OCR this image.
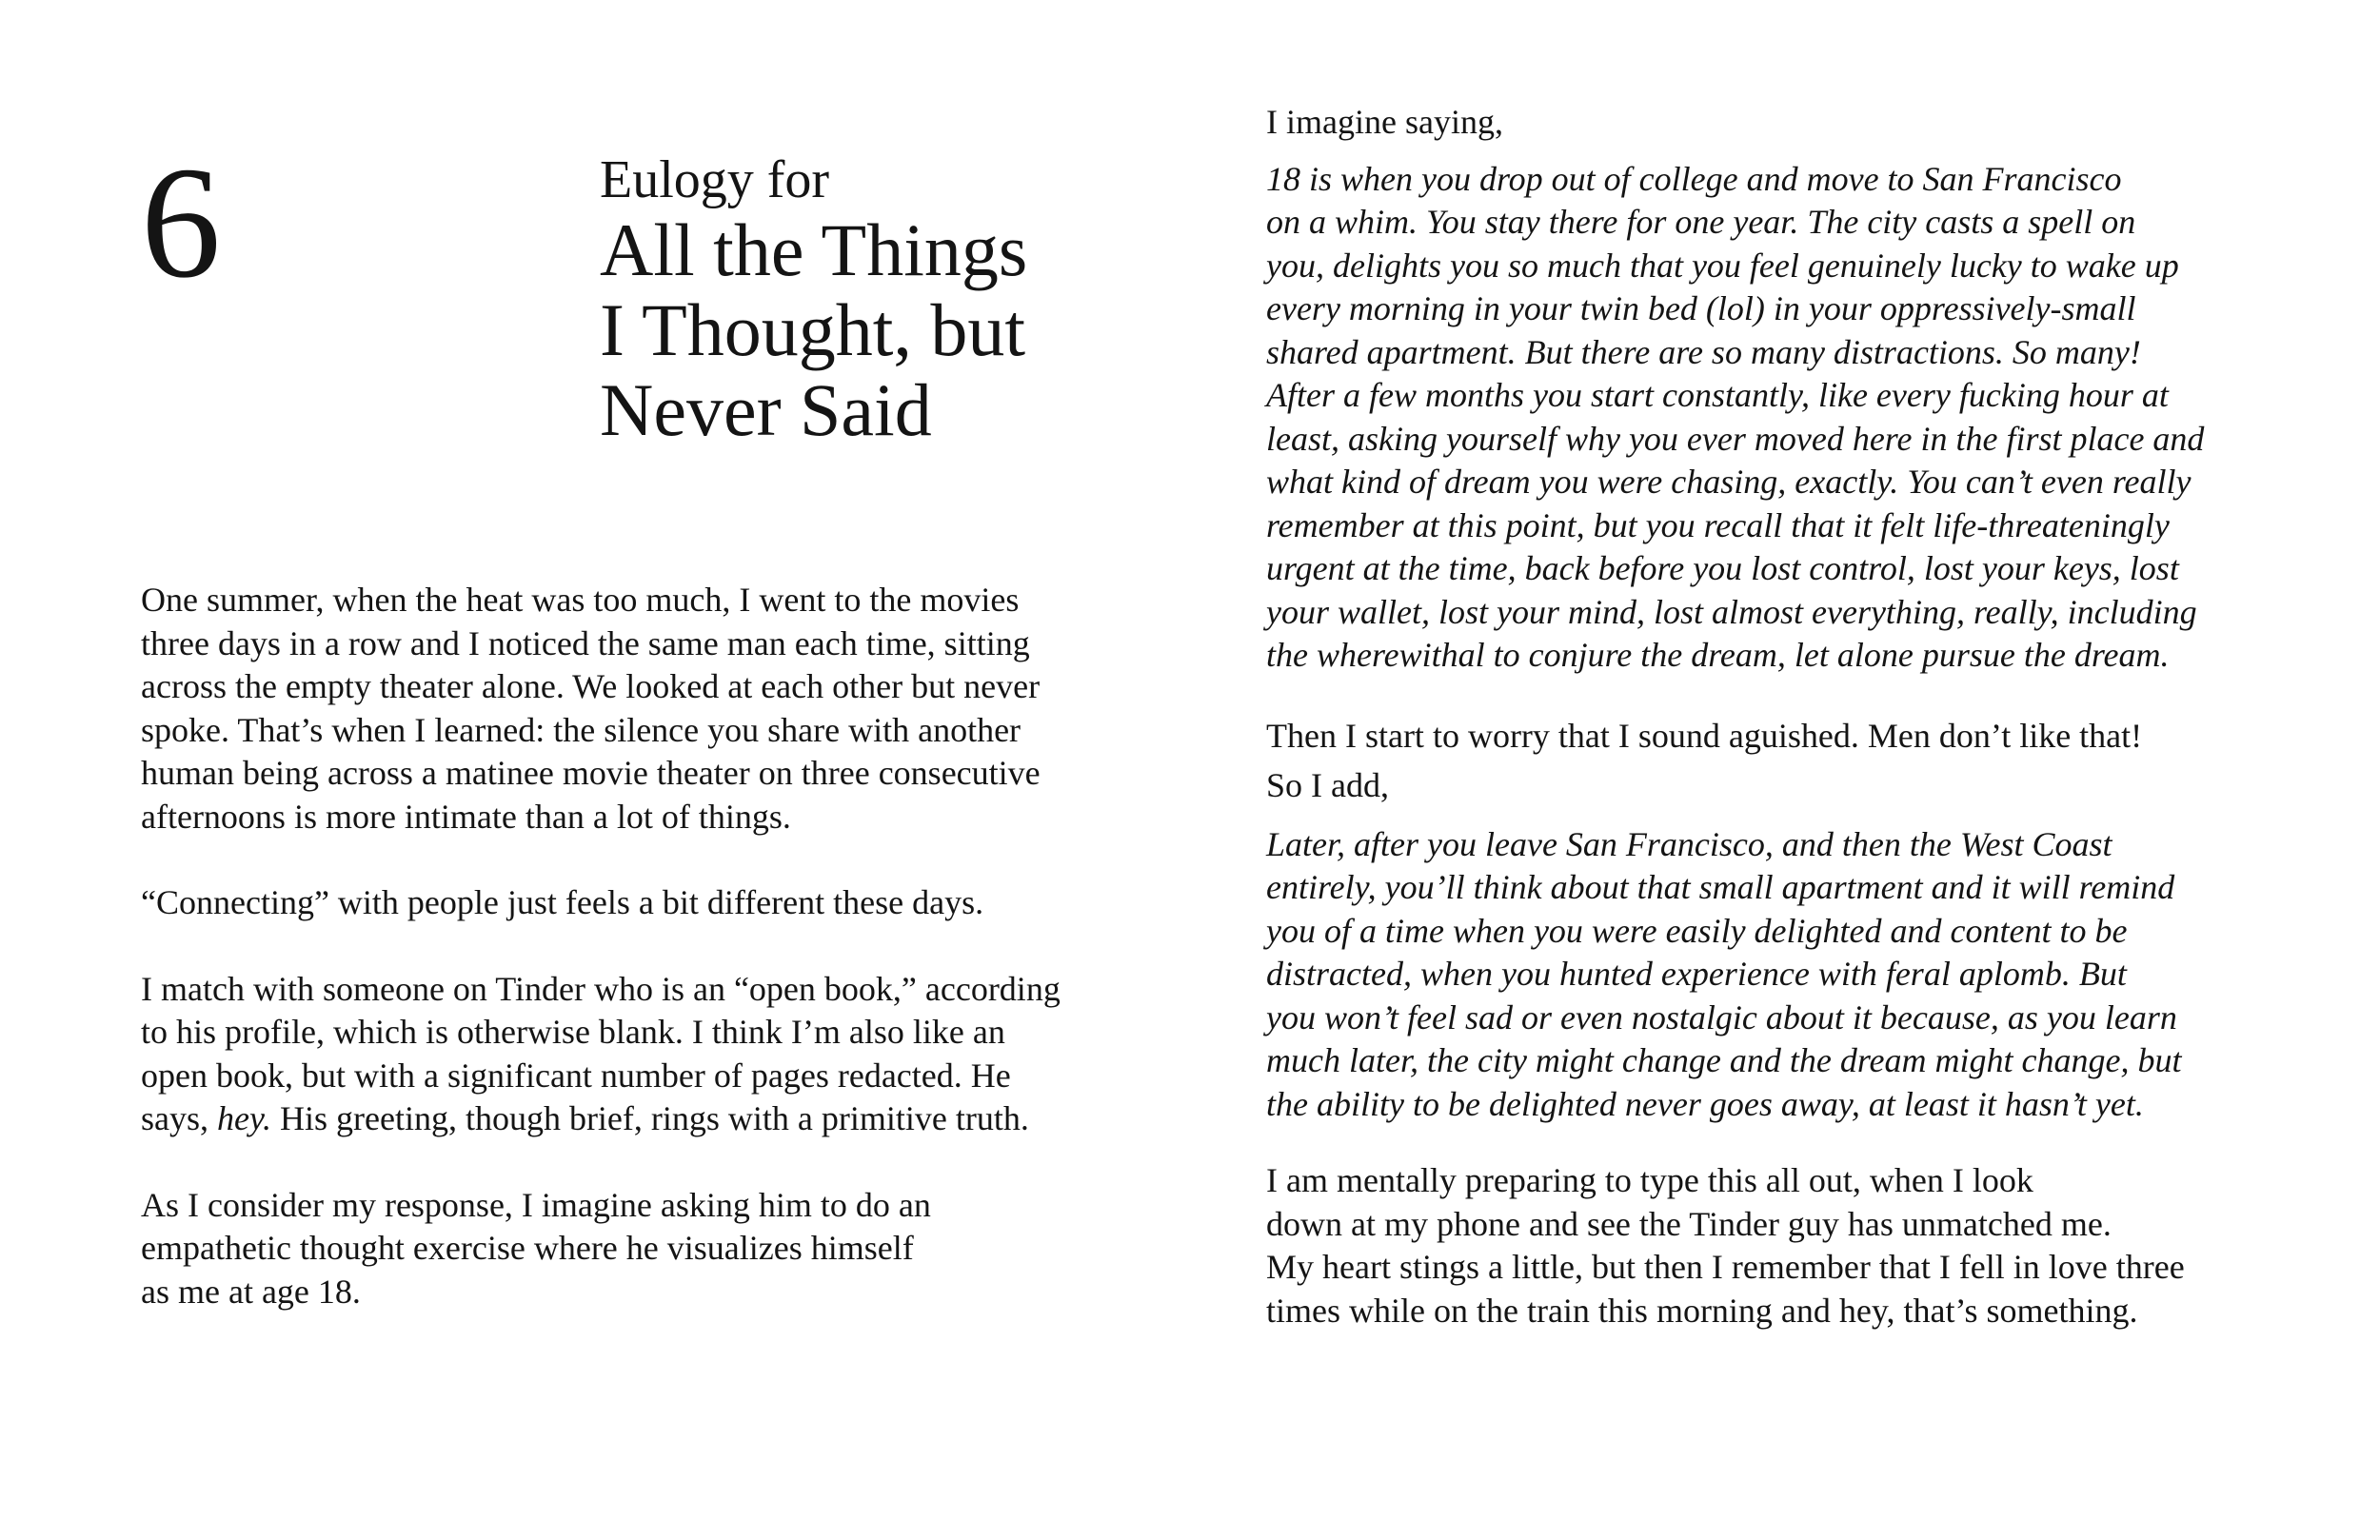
6	Eulogy for
All the Things
I Thought, but
Never Said

One summer, when the heat was too much, I went to the movies
three days in a row and I noticed the same man each time, sitting
across the empty theater alone. We looked at each other but never
spoke. That’s when I learned: the silence you share with another
human being across a matinee movie theater on three consecutive
afternoons is more intimate than a lot of things.

“Connecting” with people just feels a bit different these days.

I match with someone on Tinder who is an “open book,” according
to his profile, which is otherwise blank. I think I’m also like an
open book, but with a significant number of pages redacted. He
says, hey. His greeting, though brief, rings with a primitive truth.

As I consider my response, I imagine asking him to do an
empathetic thought exercise where he visualizes himself
as me at age 18.

I imagine saying,

18 is when you drop out of college and move to San Francisco
on a whim. You stay there for one year. The city casts a spell on
you, delights you so much that you feel genuinely lucky to wake up
every morning in your twin bed (lol) in your oppressively-small
shared apartment. But there are so many distractions. So many!
After a few months you start constantly, like every fucking hour at
least, asking yourself why you ever moved here in the first place and
what kind of dream you were chasing, exactly. You can’t even really
remember at this point, but you recall that it felt life-threateningly
urgent at the time, back before you lost control, lost your keys, lost
your wallet, lost your mind, lost almost everything, really, including
the wherewithal to conjure the dream, let alone pursue the dream.

Then I start to worry that I sound aguished. Men don’t like that!
So I add,

Later, after you leave San Francisco, and then the West Coast
entirely, you’ll think about that small apartment and it will remind
you of a time when you were easily delighted and content to be
distracted, when you hunted experience with feral aplomb. But
you won’t feel sad or even nostalgic about it because, as you learn
much later, the city might change and the dream might change, but
the ability to be delighted never goes away, at least it hasn’t yet.

I am mentally preparing to type this all out, when I look
down at my phone and see the Tinder guy has unmatched me.
My heart stings a little, but then I remember that I fell in love three
times while on the train this morning and hey, that’s something.
